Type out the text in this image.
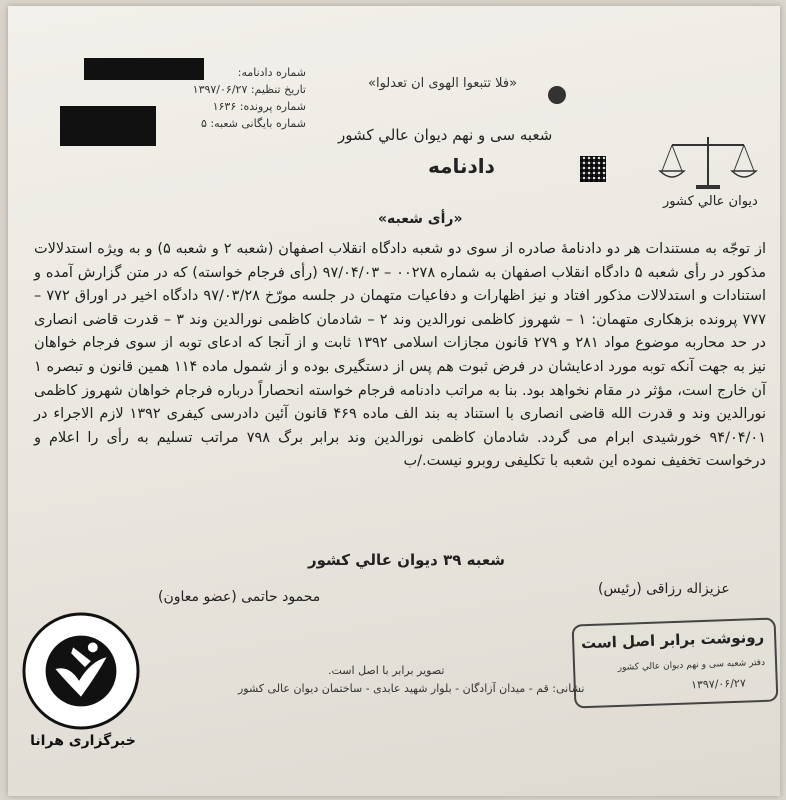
شماره دادنامه:
تاریخ تنظیم: ۱۳۹۷/۰۶/۲۷
شماره پرونده: ۱۶۳۶
شماره بایگانی شعبه: ۵
«فلا تتبعوا الهوى ان تعدلوا»
شعبه سی و نهم دیوان عالي كشور
دادنامه
دیوان عالي كشور
«رأی شعبه»
از توجّه به مستندات هر دو دادنامهٔ صادره از سوی دو شعبه دادگاه انقلاب اصفهان (شعبه ۲ و شعبه ۵) و به ویژه استدلالات مذكور در رأی شعبه ۵ دادگاه انقلاب اصفهان به شماره ۰۰۲۷۸ – ۹۷/۰۴/۰۳ (رأی فرجام خواسته) كه در متن گزارش آمده و استنادات و استدلالات مذكور افتاد و نیز اظهارات و دفاعیات متهمان در جلسه مورّخ ۹۷/۰۳/۲۸ دادگاه اخیر در اوراق ۷۷۲ – ۷۷۷ پرونده بزهكاری متهمان: ۱ – شهروز كاظمی نورالدین وند ۲ – شادمان كاظمی نورالدین وند ۳ – قدرت قاضی انصاری در حد محاربه موضوع مواد ۲۸۱ و ۲۷۹ قانون مجازات اسلامی ۱۳۹۲ ثابت و از آنجا كه ادعای توبه از سوی فرجام خواهان نیز به جهت آنكه توبه مورد ادعایشان در فرض ثبوت هم پس از دستگیری بوده و از شمول ماده ۱۱۴ همین قانون و تبصره ۱ آن خارج است، مؤثر در مقام نخواهد بود. بنا به مراتب دادنامه فرجام خواسته انحصاراً درباره فرجام خواهان شهروز كاظمی نورالدین وند و قدرت الله قاضی انصاری با استناد به بند الف ماده ۴۶۹ قانون آئین دادرسی كیفری ۱۳۹۲ لازم الاجراء در ۹۴/۰۴/۰۱ خورشیدی ابرام می گردد. شادمان كاظمی نورالدین وند برابر برگ ۷۹۸ مراتب تسلیم به رأی را اعلام و درخواست تخفیف نموده این شعبه با تكلیفی روبرو نیست./ب
شعبه ۳۹ دیوان عالي كشور
عزیزاله رزاقی (رئیس)
محمود حاتمی (عضو معاون)
رونوشت برابر اصل است
دفتر شعبه سی و نهم دیوان عالي كشور
۱۳۹۷/۰۶/۲۷
تصویر برابر با اصل است.
نشانی: قم - میدان آزادگان - بلوار شهید عابدی - ساختمان دیوان عالی كشور
خبرگزاری هرانا
